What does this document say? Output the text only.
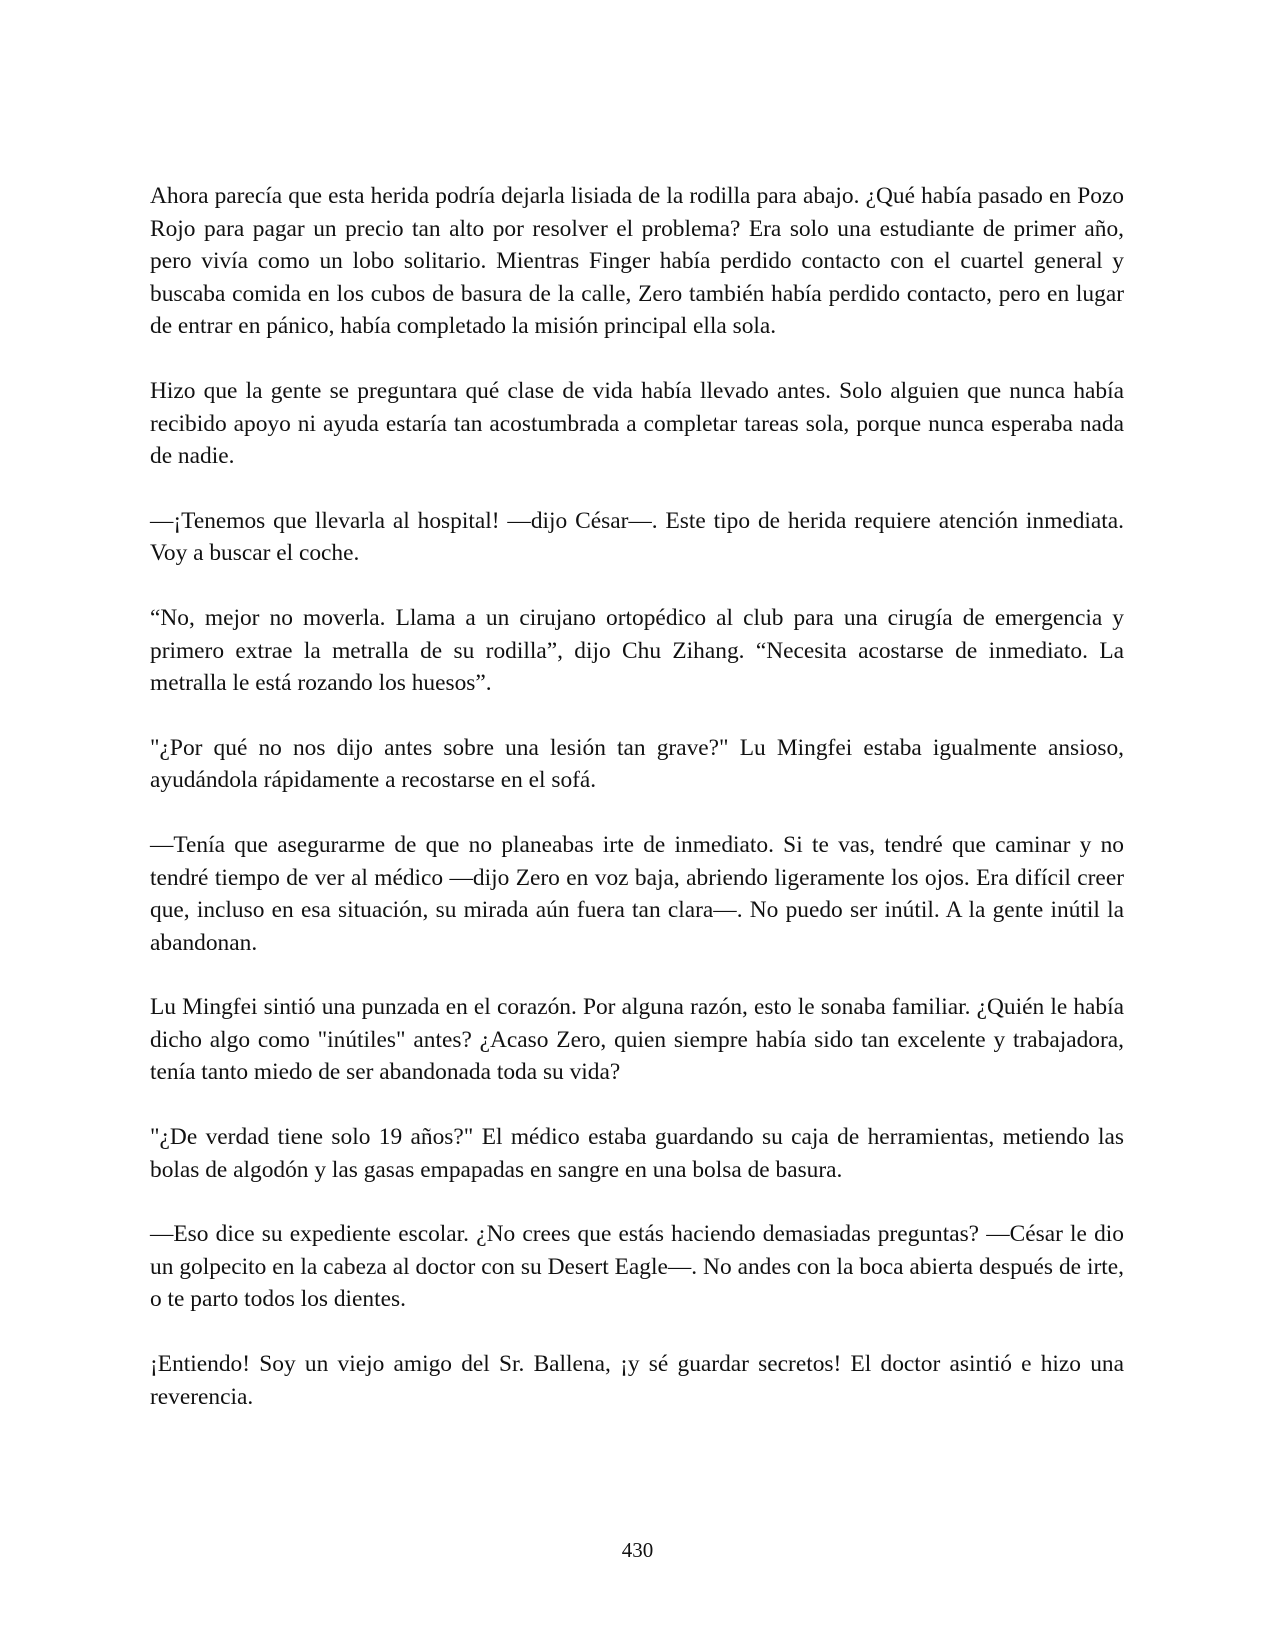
Ahora parecía que esta herida podría dejarla lisiada de la rodilla para abajo. ¿Qué había pasado en Pozo Rojo para pagar un precio tan alto por resolver el problema? Era solo una estudiante de primer año, pero vivía como un lobo solitario. Mientras Finger había perdido contacto con el cuartel general y buscaba comida en los cubos de basura de la calle, Zero también había perdido contacto, pero en lugar de entrar en pánico, había completado la misión principal ella sola.

Hizo que la gente se preguntara qué clase de vida había llevado antes. Solo alguien que nunca había recibido apoyo ni ayuda estaría tan acostumbrada a completar tareas sola, porque nunca esperaba nada de nadie.

—¡Tenemos que llevarla al hospital! —dijo César—. Este tipo de herida requiere atención inmediata. Voy a buscar el coche.

“No, mejor no moverla. Llama a un cirujano ortopédico al club para una cirugía de emergencia y primero extrae la metralla de su rodilla”, dijo Chu Zihang. “Necesita acostarse de inmediato. La metralla le está rozando los huesos”.

"¿Por qué no nos dijo antes sobre una lesión tan grave?" Lu Mingfei estaba igualmente ansioso, ayudándola rápidamente a recostarse en el sofá.

—Tenía que asegurarme de que no planeabas irte de inmediato. Si te vas, tendré que caminar y no tendré tiempo de ver al médico —dijo Zero en voz baja, abriendo ligeramente los ojos. Era difícil creer que, incluso en esa situación, su mirada aún fuera tan clara—. No puedo ser inútil. A la gente inútil la abandonan.

Lu Mingfei sintió una punzada en el corazón. Por alguna razón, esto le sonaba familiar. ¿Quién le había dicho algo como "inútiles" antes? ¿Acaso Zero, quien siempre había sido tan excelente y trabajadora, tenía tanto miedo de ser abandonada toda su vida?

"¿De verdad tiene solo 19 años?" El médico estaba guardando su caja de herramientas, metiendo las bolas de algodón y las gasas empapadas en sangre en una bolsa de basura.

—Eso dice su expediente escolar. ¿No crees que estás haciendo demasiadas preguntas? —César le dio un golpecito en la cabeza al doctor con su Desert Eagle—. No andes con la boca abierta después de irte, o te parto todos los dientes.

¡Entiendo! Soy un viejo amigo del Sr. Ballena, ¡y sé guardar secretos! El doctor asintió e hizo una reverencia.

430
